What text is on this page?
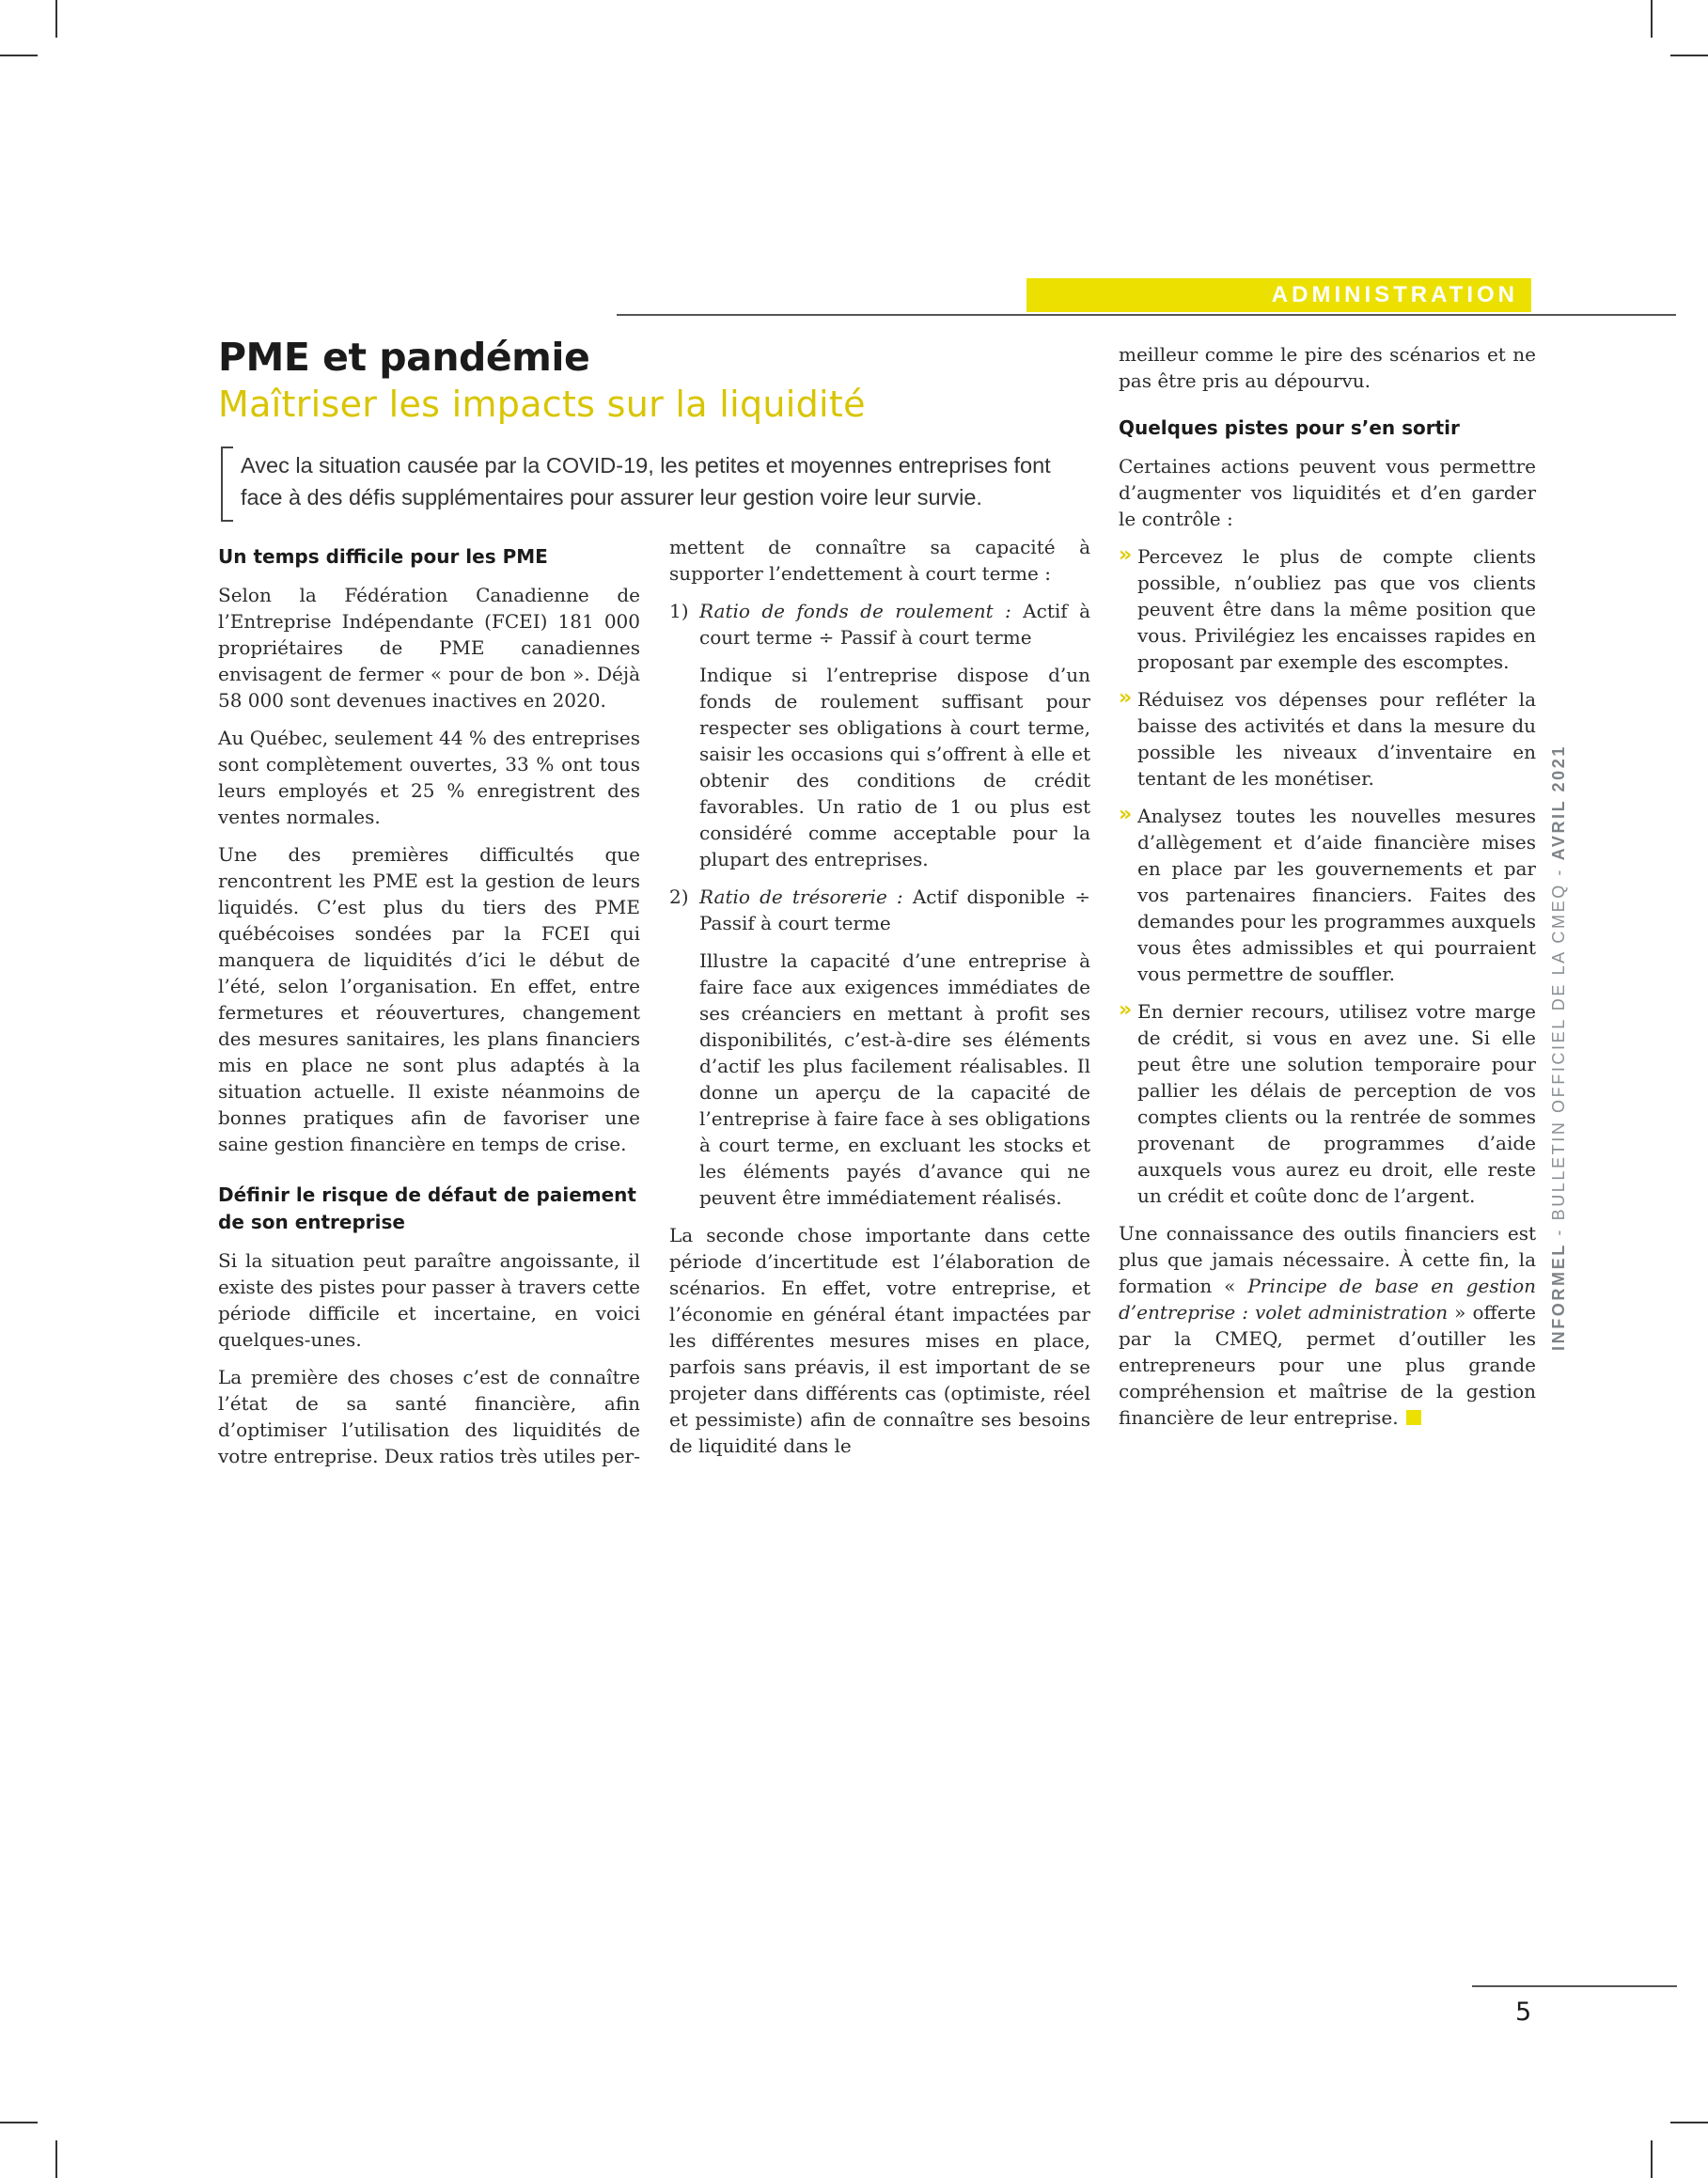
ADMINISTRATION
PME et pandémie
Maîtriser les impacts sur la liquidité
Avec la situation causée par la COVID-19, les petites et moyennes entreprises font face à des défis supplémentaires pour assurer leur gestion voire leur survie.
Un temps difficile pour les PME

Selon la Fédération Canadienne de l’Entreprise Indépendante (FCEI) 181 000 propriétaires de PME canadiennes envisagent de fermer « pour de bon ». Déjà 58 000 sont devenues inactives en 2020.

Au Québec, seulement 44 % des entreprises sont complètement ouvertes, 33 % ont tous leurs employés et 25 % enregistrent des ventes normales.

Une des premières difficultés que rencontrent les PME est la gestion de leurs liquidés. C’est plus du tiers des PME québécoises sondées par la FCEI qui manquera de liquidités d’ici le début de l’été, selon l’organisation. En effet, entre fermetures et réouvertures, changement des mesures sanitaires, les plans financiers mis en place ne sont plus adaptés à la situation actuelle. Il existe néanmoins de bonnes pratiques afin de favoriser une saine gestion financière en temps de crise.

Définir le risque de défaut de paiement de son entreprise

Si la situation peut paraître angoissante, il existe des pistes pour passer à travers cette période difficile et incertaine, en voici quelques-unes.

La première des choses c’est de connaître l’état de sa santé financière, afin d’optimiser l’utilisation des liquidités de votre entreprise. Deux ratios très utiles per-

mettent de connaître sa capacité à supporter l’endettement à court terme :

1) Ratio de fonds de roulement : Actif à court terme ÷ Passif à court terme

Indique si l’entreprise dispose d’un fonds de roulement suffisant pour respecter ses obligations à court terme, saisir les occasions qui s’offrent à elle et obtenir des conditions de crédit favorables. Un ratio de 1 ou plus est considéré comme acceptable pour la plupart des entreprises.

2) Ratio de trésorerie : Actif disponible ÷ Passif à court terme

Illustre la capacité d’une entreprise à faire face aux exigences immédiates de ses créanciers en mettant à profit ses disponibilités, c’est-à-dire ses éléments d’actif les plus facilement réalisables. Il donne un aperçu de la capacité de l’entreprise à faire face à ses obligations à court terme, en excluant les stocks et les éléments payés d’avance qui ne peuvent être immédiatement réalisés.

La seconde chose importante dans cette période d’incertitude est l’élaboration de scénarios. En effet, votre entreprise, et l’économie en général étant impactées par les différentes mesures mises en place, parfois sans préavis, il est important de se projeter dans différents cas (optimiste, réel et pessimiste) afin de connaître ses besoins de liquidité dans le

meilleur comme le pire des scénarios et ne pas être pris au dépourvu.

Quelques pistes pour s’en sortir

Certaines actions peuvent vous permettre d’augmenter vos liquidités et d’en garder le contrôle :

» Percevez le plus de compte clients possible, n’oubliez pas que vos clients peuvent être dans la même position que vous. Privilégiez les encaisses rapides en proposant par exemple des escomptes.

» Réduisez vos dépenses pour refléter la baisse des activités et dans la mesure du possible les niveaux d’inventaire en tentant de les monétiser.

» Analysez toutes les nouvelles mesures d’allègement et d’aide financière mises en place par les gouvernements et par vos partenaires financiers. Faites des demandes pour les programmes auxquels vous êtes admissibles et qui pourraient vous permettre de souffler.

» En dernier recours, utilisez votre marge de crédit, si vous en avez une. Si elle peut être une solution temporaire pour pallier les délais de perception de vos comptes clients ou la rentrée de sommes provenant de programmes d’aide auxquels vous aurez eu droit, elle reste un crédit et coûte donc de l’argent.

Une connaissance des outils financiers est plus que jamais nécessaire. À cette fin, la formation « Principe de base en gestion d’entreprise : volet administration » offerte par la CMEQ, permet d’outiller les entrepreneurs pour une plus grande compréhension et maîtrise de la gestion financière de leur entreprise.

INFORMEL - BULLETIN OFFICIEL DE LA CMEQ - AVRIL 2021
5
